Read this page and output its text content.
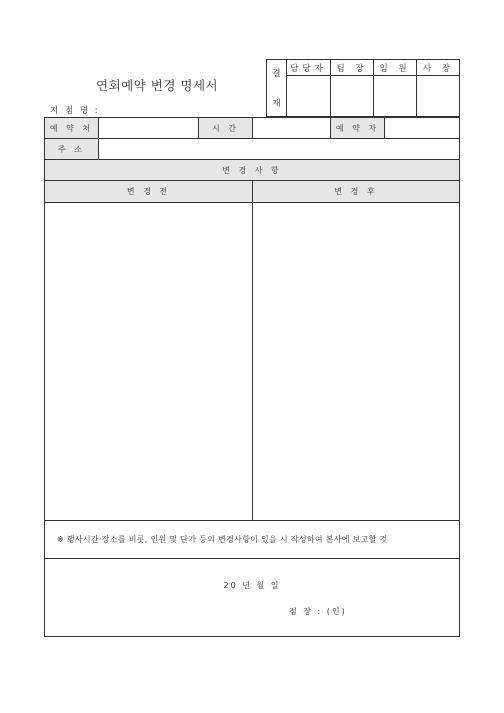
연회예약 변경 명세서
지 점 명 :
결
재
담당자	팀 장	임 원	사 장
예 약 처	시 간	예 약 자
주 소
변 경 사 항
변 경 전	변 경 후
※ 행사시간·장소를 비롯, 인원 및 단가 등의 변경사항이 있을 시 작성하여 본사에 보고할 것
20 년 월 일
점 장 : (인)
